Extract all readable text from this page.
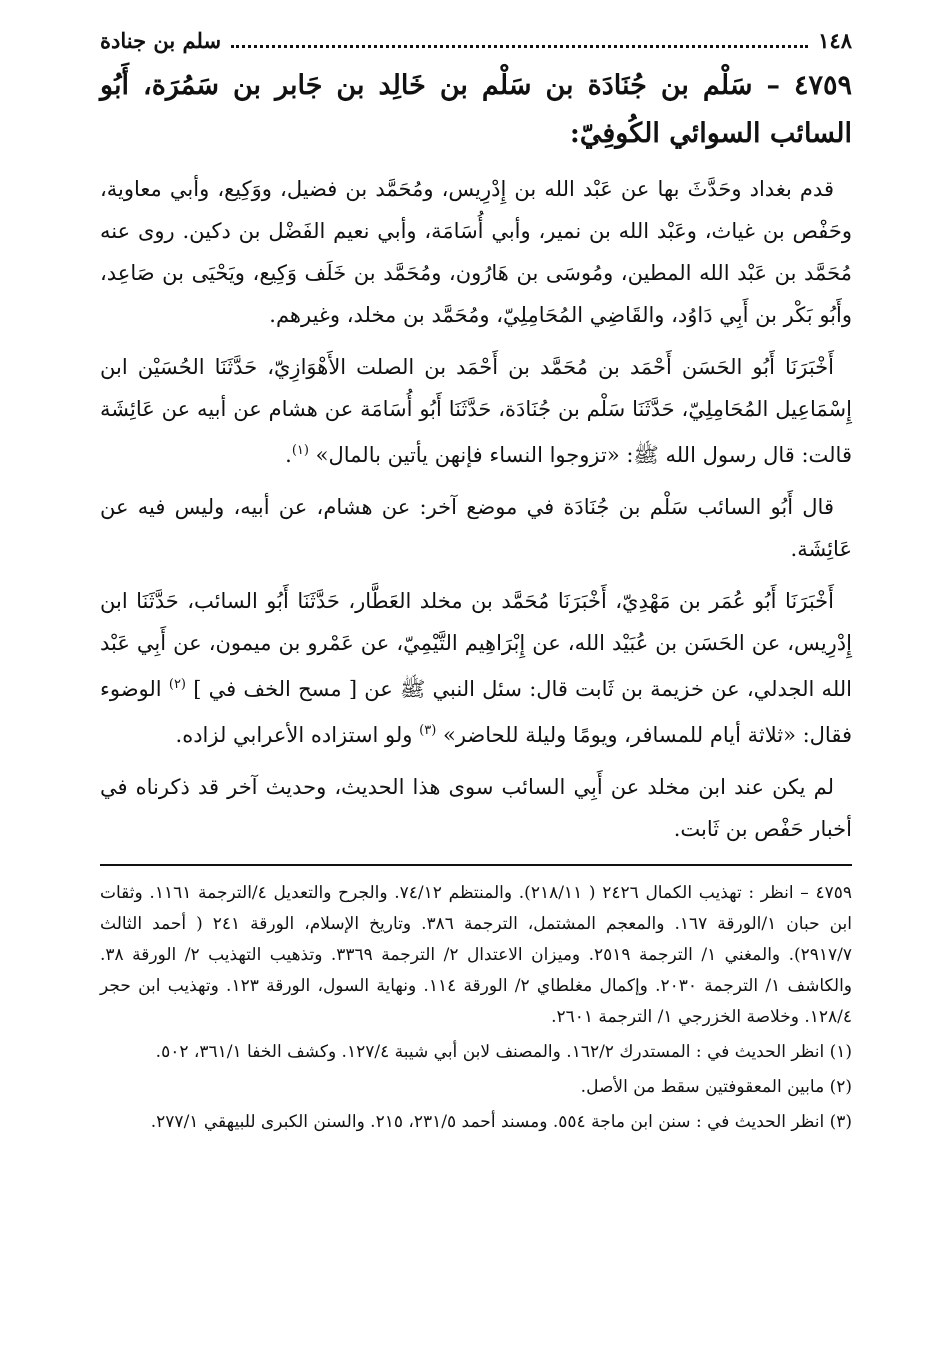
١٤٨
سلم بن جنادة
٤٧٥٩ – سَلْم بن جُنَادَة بن سَلْم بن خَالِد بن جَابر بن سَمُرَة، أَبُو السائب السوائي الكُوفِيّ:

قدم بغداد وحَدَّثَ بها عن عَبْد الله بن إِدْرِيس، ومُحَمَّد بن فضيل، ووَكِيع، وأبي معاوية، وحَفْص بن غياث، وعَبْد الله بن نمير، وأبي أُسَامَة، وأبي نعيم الفَضْل بن دكين. روى عنه مُحَمَّد بن عَبْد الله المطين، ومُوسَى بن هَارُون، ومُحَمَّد بن خَلَف وَكِيع، ويَحْيَى بن صَاعِد، وأَبُو بَكْر بن أَبِي دَاوُد، والقَاضِي المُحَامِلِيّ، ومُحَمَّد بن مخلد، وغيرهم.

أَخْبَرَنَا أَبُو الحَسَن أَحْمَد بن مُحَمَّد بن أَحْمَد بن الصلت الأَهْوَازِيّ، حَدَّثَنَا الحُسَيْن ابن إِسْمَاعِيل المُحَامِلِيّ، حَدَّثَنَا سَلْم بن جُنَادَة، حَدَّثَنَا أَبُو أُسَامَة عن هشام عن أبيه عن عَائِشَة قالت: قال رسول الله ﷺ: «تزوجوا النساء فإنهن يأتين بالمال» $^{(١)}$.

قال أَبُو السائب سَلْم بن جُنَادَة في موضع آخر: عن هشام، عن أبيه، وليس فيه عن عَائِشَة.

أَخْبَرَنَا أَبُو عُمَر بن مَهْدِيّ، أَخْبَرَنَا مُحَمَّد بن مخلد العَطَّار، حَدَّثَنَا أَبُو السائب، حَدَّثَنَا ابن إِدْرِيس، عن الحَسَن بن عُبَيْد الله، عن إِبْرَاهِيم التَّيْمِيّ، عن عَمْرو بن ميمون، عن أَبِي عَبْد الله الجدلي، عن خزيمة بن ثَابت قال: سئل النبي ﷺ عن [ مسح الخف في ] $^{(٢)}$ الوضوء فقال: «ثلاثة أيام للمسافر، ويومًا وليلة للحاضر» $^{(٣)}$ ولو استزاده الأعرابي لزاده.

لم يكن عند ابن مخلد عن أَبِي السائب سوى هذا الحديث، وحديث آخر قد ذكرناه في أخبار حَفْص بن ثَابت.

٤٧٥٩ – انظر : تهذيب الكمال ٢٤٢٦ ( ٢١٨/١١). والمنتظم ٧٤/١٢. والجرح والتعديل ٤/الترجمة ١١٦١. وثقات ابن حبان ١/الورقة ١٦٧. والمعجم المشتمل، الترجمة ٣٨٦. وتاريخ الإسلام، الورقة ٢٤١ ( أحمد الثالث ٢٩١٧/٧). والمغني ١/ الترجمة ٢٥١٩. وميزان الاعتدال ٢/ الترجمة ٣٣٦٩. وتذهيب التهذيب ٢/ الورقة ٣٨. والكاشف ١/ الترجمة ٢٠٣٠. وإكمال مغلطاي ٢/ الورقة ١١٤. ونهاية السول، الورقة ١٢٣. وتهذيب ابن حجر ١٢٨/٤. وخلاصة الخزرجي ١/ الترجمة ٢٦٠١.

(١) انظر الحديث في : المستدرك ١٦٢/٢. والمصنف لابن أبي شيبة ١٢٧/٤. وكشف الخفا ٣٦١/١، ٥٠٢.

(٢) مابين المعقوفتين سقط من الأصل.

(٣) انظر الحديث في : سنن ابن ماجة ٥٥٤. ومسند أحمد ٢٣١/٥، ٢١٥. والسنن الكبرى للبيهقي ٢٧٧/١.
